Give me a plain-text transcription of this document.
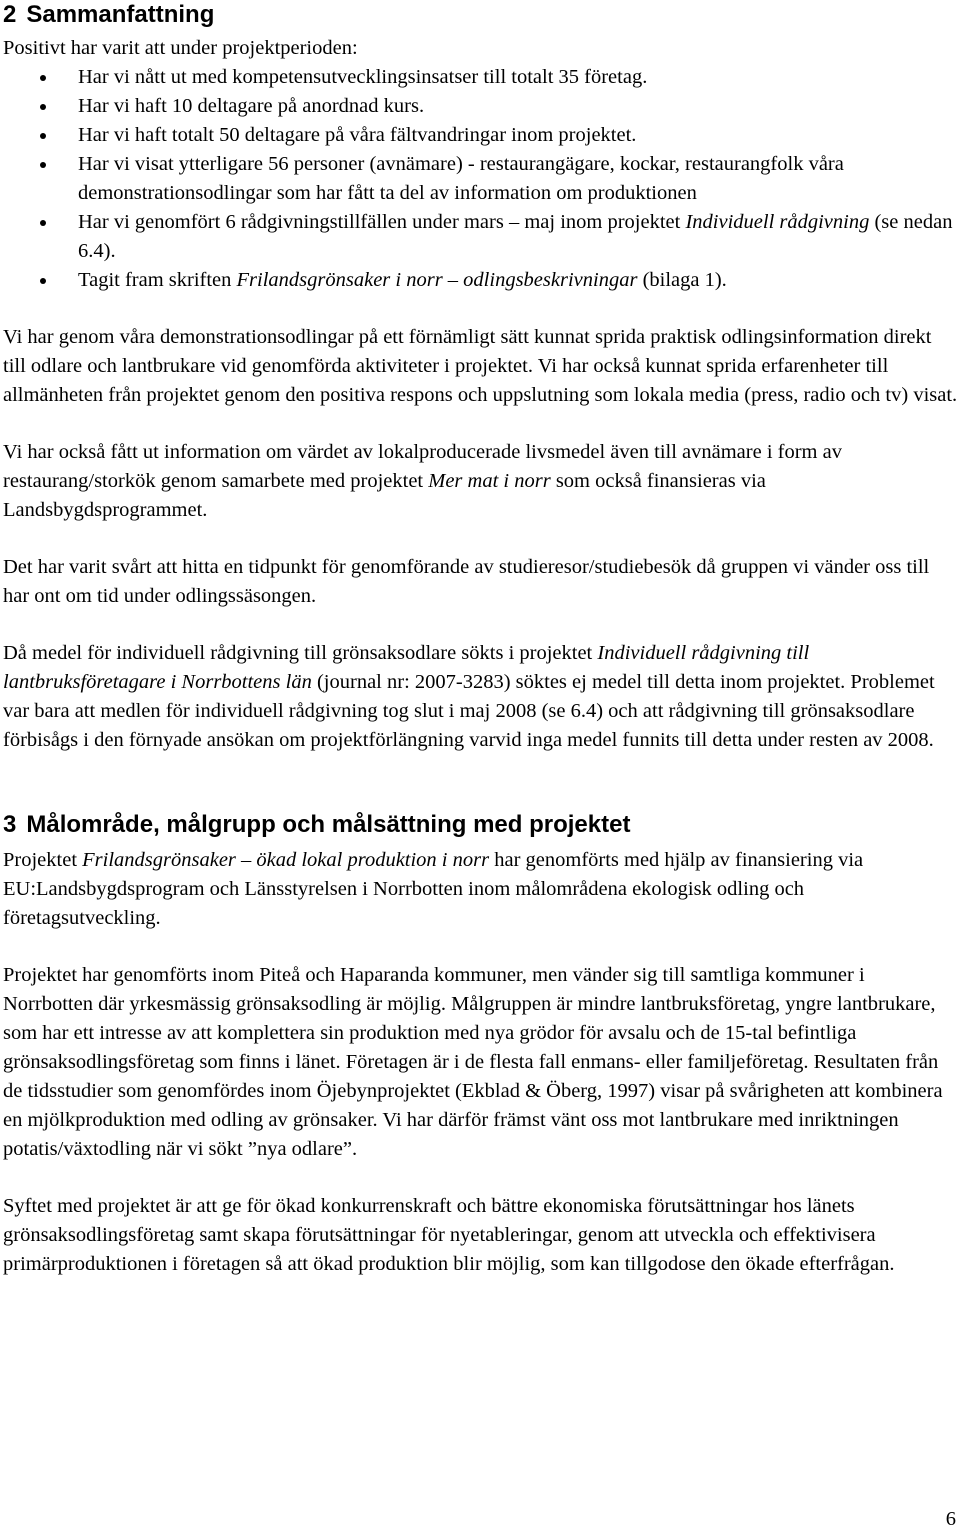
2 Sammanfattning

Positivt har varit att under projektperioden:

Har vi nått ut med kompetensutvecklingsinsatser till totalt 35 företag.
Har vi haft 10 deltagare på anordnad kurs.
Har vi haft totalt 50 deltagare på våra fältvandringar inom projektet.
Har vi visat ytterligare 56 personer (avnämare) - restaurangägare, kockar, restaurangfolk våra demonstrationsodlingar som har fått ta del av information om produktionen
Har vi genomfört 6 rådgivningstillfällen under mars – maj inom projektet Individuell rådgivning (se nedan 6.4).
Tagit fram skriften Frilandsgrönsaker i norr – odlingsbeskrivningar (bilaga 1).

Vi har genom våra demonstrationsodlingar på ett förnämligt sätt kunnat sprida praktisk odlingsinformation direkt till odlare och lantbrukare vid genomförda aktiviteter i projektet. Vi har också kunnat sprida erfarenheter till allmänheten från projektet genom den positiva respons och uppslutning som lokala media (press, radio och tv) visat.

Vi har också fått ut information om värdet av lokalproducerade livsmedel även till avnämare i form av restaurang/storkök genom samarbete med projektet Mer mat i norr som också finansieras via Landsbygdsprogrammet.

Det har varit svårt att hitta en tidpunkt för genomförande av studieresor/studiebesök då gruppen vi vänder oss till har ont om tid under odlingssäsongen.

Då medel för individuell rådgivning till grönsaksodlare sökts i projektet Individuell rådgivning till lantbruksföretagare i Norrbottens län (journal nr: 2007-3283) söktes ej medel till detta inom projektet. Problemet var bara att medlen för individuell rådgivning tog slut i maj 2008 (se 6.4) och att rådgivning till grönsaksodlare förbisågs i den förnyade ansökan om projektförlängning varvid inga medel funnits till detta under resten av 2008.

3 Målområde, målgrupp och målsättning med projektet

Projektet Frilandsgrönsaker – ökad lokal produktion i norr har genomförts med hjälp av finansiering via EU:Landsbygdsprogram och Länsstyrelsen i Norrbotten inom målområdena ekologisk odling och företagsutveckling.

Projektet har genomförts inom Piteå och Haparanda kommuner, men vänder sig till samtliga kommuner i Norrbotten där yrkesmässig grönsaksodling är möjlig. Målgruppen är mindre lantbruksföretag, yngre lantbrukare, som har ett intresse av att komplettera sin produktion med nya grödor för avsalu och de 15-tal befintliga grönsaksodlingsföretag som finns i länet. Företagen är i de flesta fall enmans- eller familjeföretag. Resultaten från de tidsstudier som genomfördes inom Öjebynprojektet (Ekblad & Öberg, 1997) visar på svårigheten att kombinera en mjölkproduktion med odling av grönsaker. Vi har därför främst vänt oss mot lantbrukare med inriktningen potatis/växtodling när vi sökt ”nya odlare”.

Syftet med projektet är att ge för ökad konkurrenskraft och bättre ekonomiska förutsättningar hos länets grönsaksodlingsföretag samt skapa förutsättningar för nyetableringar, genom att utveckla och effektivisera primärproduktionen i företagen så att ökad produktion blir möjlig, som kan tillgodose den ökade efterfrågan.

6
